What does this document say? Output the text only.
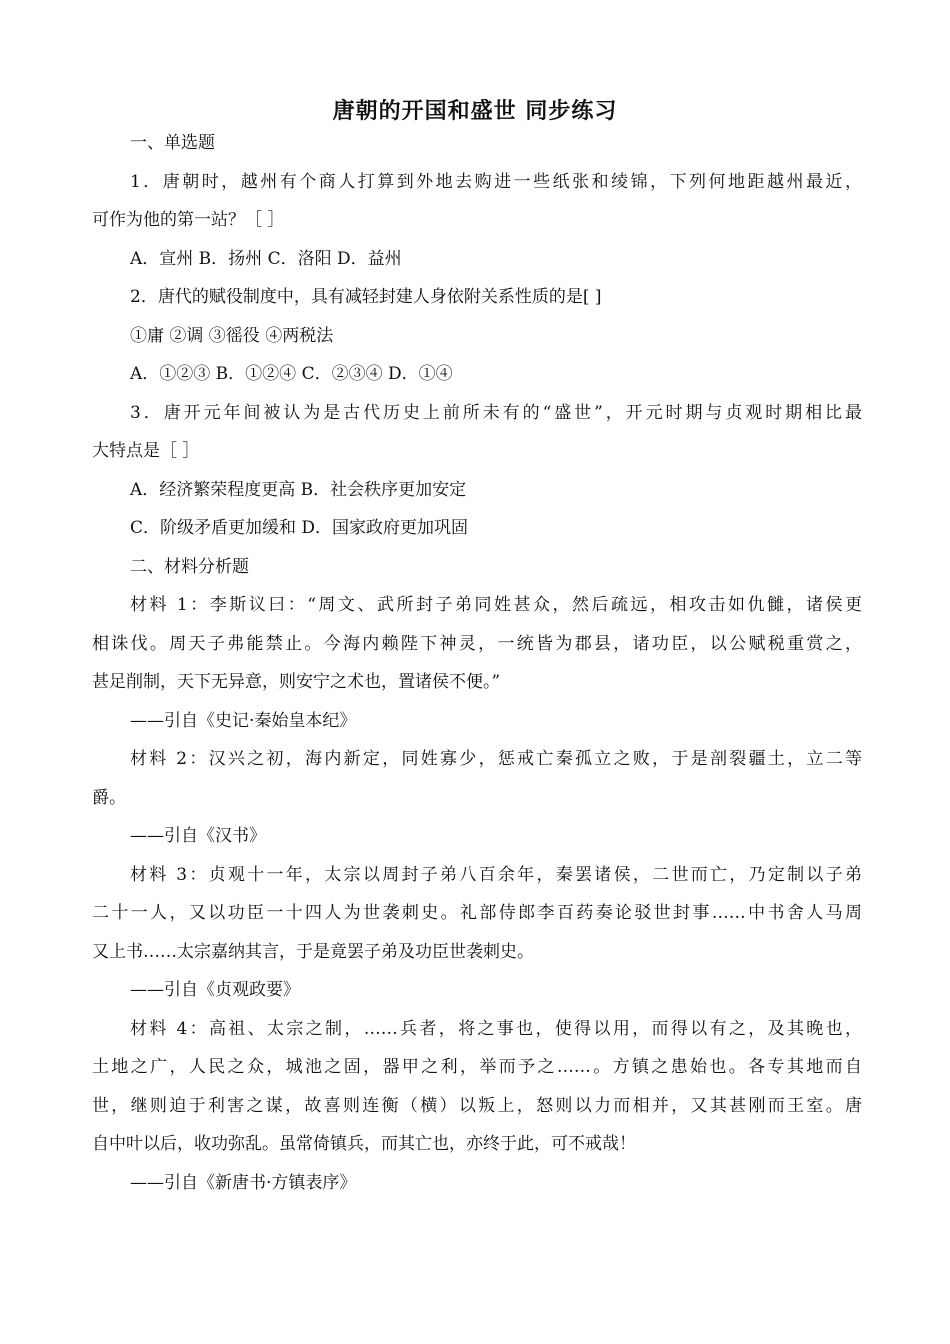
唐朝的开国和盛世 同步练习
一、单选题
1．唐朝时，越州有个商人打算到外地去购进一些纸张和绫锦，下列何地距越州最近，
可作为他的第一站？［ ］
A．宣州 B．扬州 C．洛阳 D．益州
2．唐代的赋役制度中，具有减轻封建人身依附关系性质的是[ ]
①庸 ②调 ③徭役 ④两税法
A．①②③ B．①②④ C．②③④ D．①④
3．唐开元年间被认为是古代历史上前所未有的“盛世”，开元时期与贞观时期相比最
大特点是［ ］
A．经济繁荣程度更高 B．社会秩序更加安定
C．阶级矛盾更加缓和 D．国家政府更加巩固
二、材料分析题
材料 1：李斯议曰：“周文、武所封子弟同姓甚众，然后疏远，相攻击如仇雠，诸侯更
相诛伐。周天子弗能禁止。今海内赖陛下神灵，一统皆为郡县，诸功臣，以公赋税重赏之，
甚足削制，天下无异意，则安宁之术也，置诸侯不便。”
——引自《史记·秦始皇本纪》
材料 2：汉兴之初，海内新定，同姓寡少，惩戒亡秦孤立之败，于是剖裂疆土，立二等
爵。
——引自《汉书》
材料 3：贞观十一年，太宗以周封子弟八百余年，秦罢诸侯，二世而亡，乃定制以子弟
二十一人，又以功臣一十四人为世袭刺史。礼部侍郎李百药奏论驳世封事……中书舍人马周
又上书……太宗嘉纳其言，于是竟罢子弟及功臣世袭刺史。
——引自《贞观政要》
材料 4：高祖、太宗之制，……兵者，将之事也，使得以用，而得以有之，及其晚也，
土地之广，人民之众，城池之固，器甲之利，举而予之……。方镇之患始也。各专其地而自
世，继则迫于利害之谋，故喜则连衡（横）以叛上，怒则以力而相并，又其甚刚而王室。唐
自中叶以后，收功弥乱。虽常倚镇兵，而其亡也，亦终于此，可不戒哉！
——引自《新唐书·方镇表序》
